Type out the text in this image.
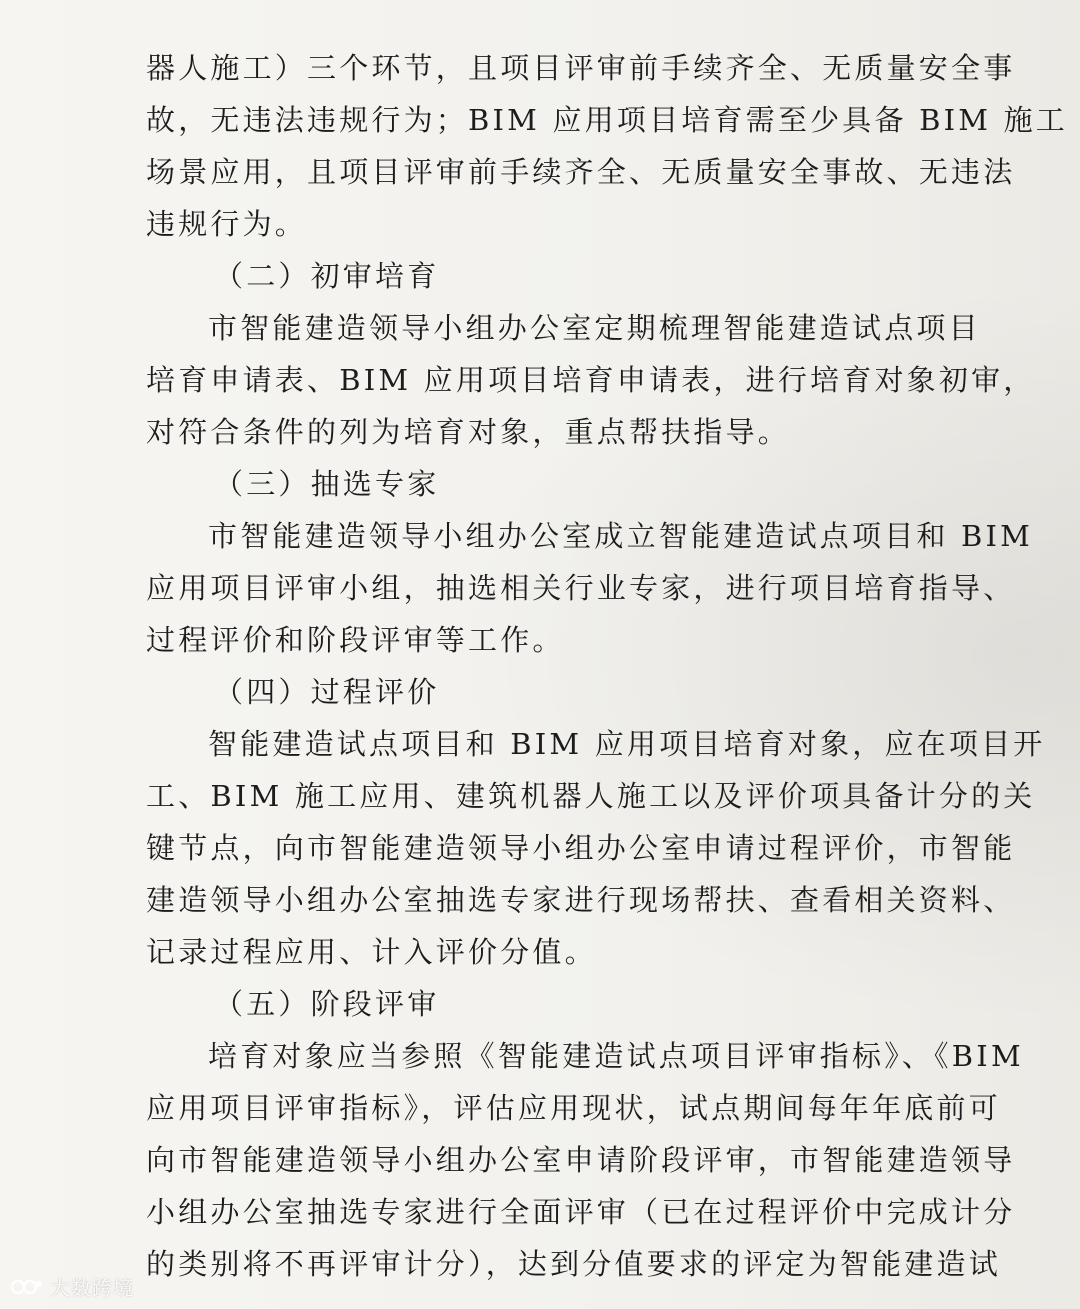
器人施工）三个环节，且项目评审前手续齐全、无质量安全事
故，无违法违规行为；BIM 应用项目培育需至少具备 BIM 施工
场景应用，且项目评审前手续齐全、无质量安全事故、无违法
违规行为。
（二）初审培育
市智能建造领导小组办公室定期梳理智能建造试点项目
培育申请表、BIM 应用项目培育申请表，进行培育对象初审，
对符合条件的列为培育对象，重点帮扶指导。
（三）抽选专家
市智能建造领导小组办公室成立智能建造试点项目和 BIM
应用项目评审小组，抽选相关行业专家，进行项目培育指导、
过程评价和阶段评审等工作。
（四）过程评价
智能建造试点项目和 BIM 应用项目培育对象，应在项目开
工、BIM 施工应用、建筑机器人施工以及评价项具备计分的关
键节点，向市智能建造领导小组办公室申请过程评价，市智能
建造领导小组办公室抽选专家进行现场帮扶、查看相关资料、
记录过程应用、计入评价分值。
（五）阶段评审
培育对象应当参照《智能建造试点项目评审指标》、《BIM
应用项目评审指标》，评估应用现状，试点期间每年年底前可
向市智能建造领导小组办公室申请阶段评审，市智能建造领导
小组办公室抽选专家进行全面评审（已在过程评价中完成计分
的类别将不再评审计分），达到分值要求的评定为智能建造试
大数跨境
